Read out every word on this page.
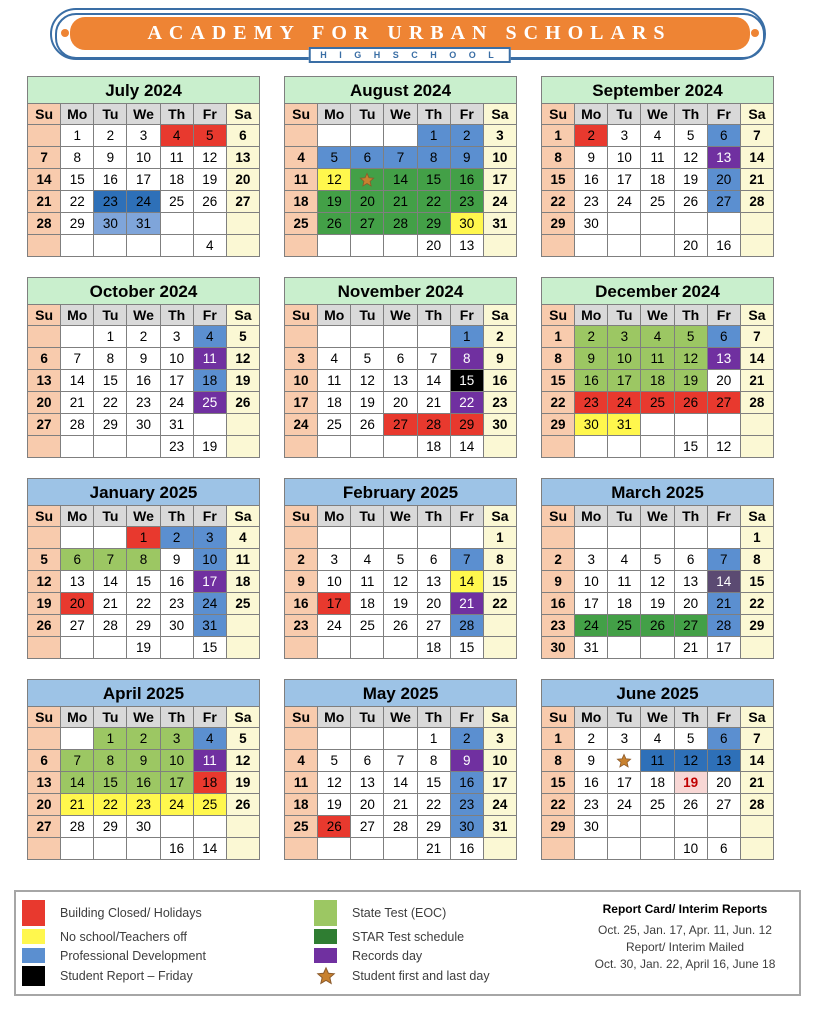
ACADEMY FOR URBAN SCHOLARS
H I G H S C H O O L
July 2024
Su	Mo	Tu	We	Th	Fr	Sa
	1	2	3	4	5	6
7	8	9	10	11	12	13
14	15	16	17	18	19	20
21	22	23	24	25	26	27
28	29	30	31			
					4	
August 2024
Su	Mo	Tu	We	Th	Fr	Sa
				1	2	3
4	5	6	7	8	9	10
11	12		14	15	16	17
18	19	20	21	22	23	24
25	26	27	28	29	30	31
				20	13	
September 2024
Su	Mo	Tu	We	Th	Fr	Sa
1	2	3	4	5	6	7
8	9	10	11	12	13	14
15	16	17	18	19	20	21
22	23	24	25	26	27	28
29	30					
				20	16	
October 2024
Su	Mo	Tu	We	Th	Fr	Sa
		1	2	3	4	5
6	7	8	9	10	11	12
13	14	15	16	17	18	19
20	21	22	23	24	25	26
27	28	29	30	31		
				23	19	
November 2024
Su	Mo	Tu	We	Th	Fr	Sa
					1	2
3	4	5	6	7	8	9
10	11	12	13	14	15	16
17	18	19	20	21	22	23
24	25	26	27	28	29	30
				18	14	
December 2024
Su	Mo	Tu	We	Th	Fr	Sa
1	2	3	4	5	6	7
8	9	10	11	12	13	14
15	16	17	18	19	20	21
22	23	24	25	26	27	28
29	30	31				
				15	12	
January 2025
Su	Mo	Tu	We	Th	Fr	Sa
			1	2	3	4
5	6	7	8	9	10	11
12	13	14	15	16	17	18
19	20	21	22	23	24	25
26	27	28	29	30	31	
			19		15	
February 2025
Su	Mo	Tu	We	Th	Fr	Sa
						1
2	3	4	5	6	7	8
9	10	11	12	13	14	15
16	17	18	19	20	21	22
23	24	25	26	27	28	
				18	15	
March 2025
Su	Mo	Tu	We	Th	Fr	Sa
						1
2	3	4	5	6	7	8
9	10	11	12	13	14	15
16	17	18	19	20	21	22
23	24	25	26	27	28	29
30	31			21	17	
April 2025
Su	Mo	Tu	We	Th	Fr	Sa
		1	2	3	4	5
6	7	8	9	10	11	12
13	14	15	16	17	18	19
20	21	22	23	24	25	26
27	28	29	30			
				16	14	
May 2025
Su	Mo	Tu	We	Th	Fr	Sa
				1	2	3
4	5	6	7	8	9	10
11	12	13	14	15	16	17
18	19	20	21	22	23	24
25	26	27	28	29	30	31
				21	16	
June 2025
Su	Mo	Tu	We	Th	Fr	Sa
1	2	3	4	5	6	7
8	9		11	12	13	14
15	16	17	18	19	20	21
22	23	24	25	26	27	28
29	30					
				10	6	
Building Closed/ Holidays
No school/Teachers off
Professional Development
Student Report – Friday
State Test (EOC)
STAR Test schedule
Records day
Student first and last day
Report Card/ Interim Reports
Oct. 25, Jan. 17, Apr. 11, Jun. 12
Report/ Interim Mailed
Oct. 30, Jan. 22, April 16, June 18
